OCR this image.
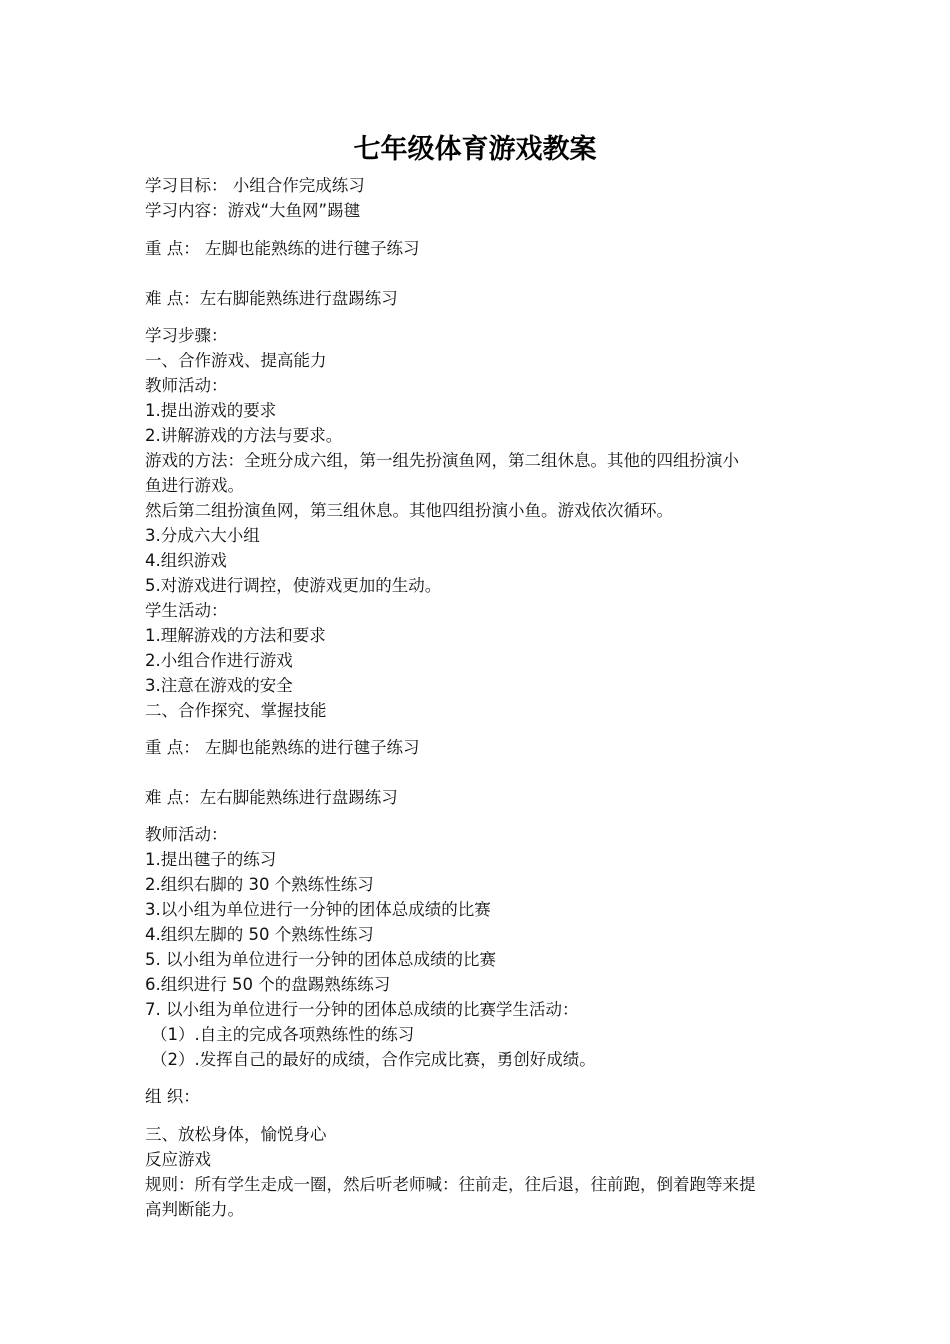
七年级体育游戏教案
学习目标： 小组合作完成练习
学习内容：游戏“大鱼网”踢毽
重 点： 左脚也能熟练的进行毽子练习
难 点：左右脚能熟练进行盘踢练习
学习步骤：
一、合作游戏、提高能力
教师活动：
1.提出游戏的要求
2.讲解游戏的方法与要求。
游戏的方法：全班分成六组，第一组先扮演鱼网，第二组休息。其他的四组扮演小
鱼进行游戏。
然后第二组扮演鱼网，第三组休息。其他四组扮演小鱼。游戏依次循环。
3.分成六大小组
4.组织游戏
5.对游戏进行调控，使游戏更加的生动。
学生活动：
1.理解游戏的方法和要求
2.小组合作进行游戏
3.注意在游戏的安全
二、合作探究、掌握技能
重 点： 左脚也能熟练的进行毽子练习
难 点：左右脚能熟练进行盘踢练习
教师活动：
1.提出毽子的练习
2.组织右脚的 30 个熟练性练习
3.以小组为单位进行一分钟的团体总成绩的比赛
4.组织左脚的 50 个熟练性练习
5. 以小组为单位进行一分钟的团体总成绩的比赛
6.组织进行 50 个的盘踢熟练练习
7. 以小组为单位进行一分钟的团体总成绩的比赛学生活动：
（1）.自主的完成各项熟练性的练习
（2）.发挥自己的最好的成绩，合作完成比赛，勇创好成绩。
组 织：
三、放松身体，愉悦身心
反应游戏
规则：所有学生走成一圈，然后听老师喊：往前走，往后退，往前跑，倒着跑等来提
高判断能力。
